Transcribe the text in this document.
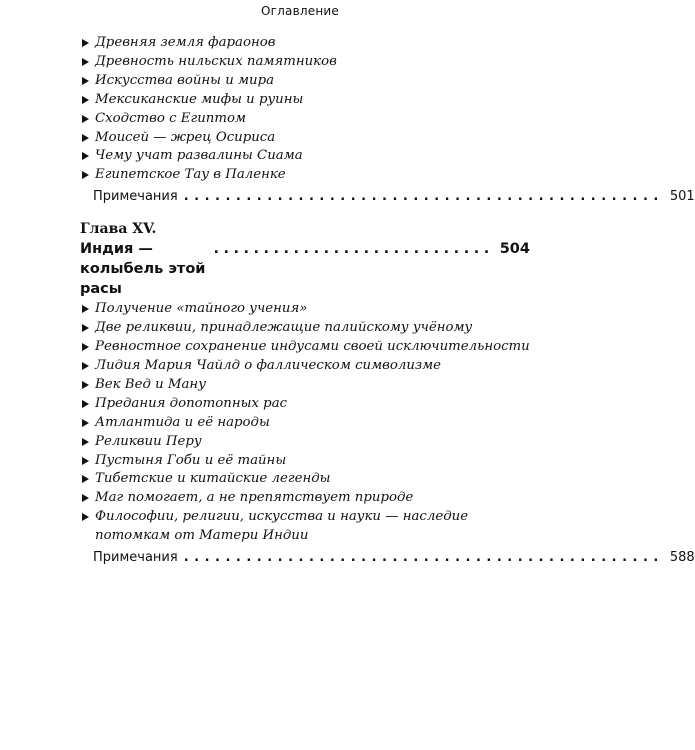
Оглавление
Древняя земля фараонов
Древность нильских памятников
Искусства войны и мира
Мексиканские мифы и руины
Сходство с Египтом
Моисей — жрец Осириса
Чему учат развалины Сиама
Египетское Тау в Паленке
Примечания .............................................. 501
Глава XV.
Индия — колыбель этой расы
............................ 504
Получение «тайного учения»
Две реликвии, принадлежащие палийскому учёному
Ревностное сохранение индусами своей исключительности
Лидия Мария Чайлд о фаллическом символизме
Век Вед и Ману
Предания допотопных рас
Атлантида и её народы
Реликвии Перу
Пустыня Гоби и её тайны
Тибетские и китайские легенды
Маг помогает, а не препятствует природе
Философии, религии, искусства и науки — наследие потомкам от Матери Индии
Примечания .............................................. 588
